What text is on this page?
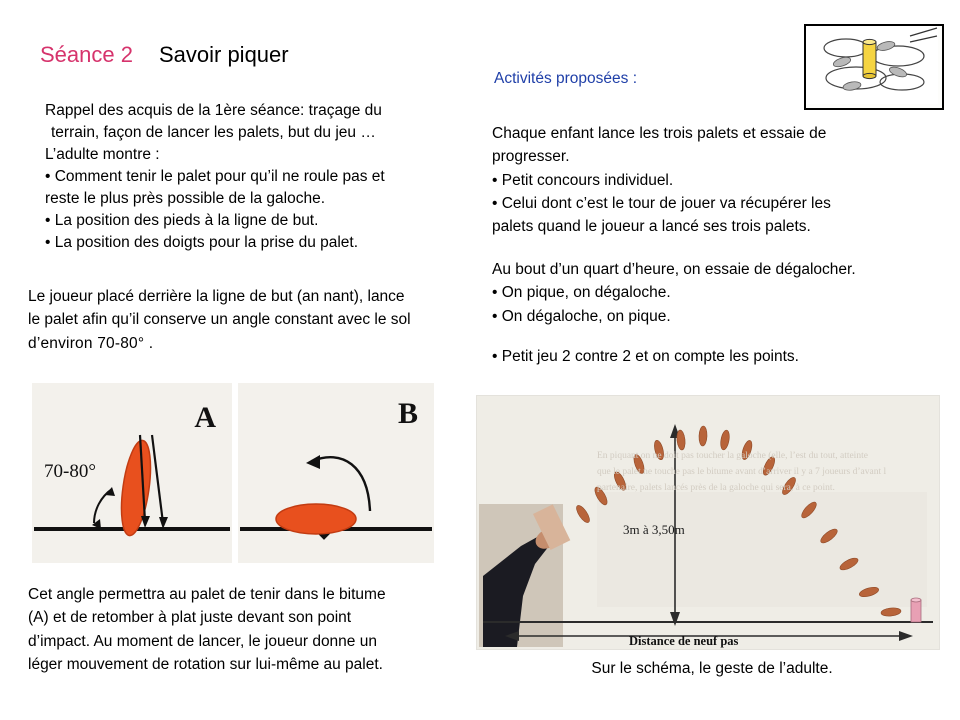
Séance 2 Savoir piquer
Rappel des acquis de la 1ère séance: traçage du
terrain, façon de lancer les palets, but du jeu …
L’adulte montre :
• Comment tenir le palet pour qu’il ne roule pas et
reste le plus près possible de la galoche.
• La position des pieds à la ligne de but.
• La position des doigts pour la prise du palet.
Le joueur placé derrière la ligne de but (an nant), lance
le palet afin qu’il conserve un angle constant avec le sol
d’environ 70-80° .
70-80°
A	B
Cet angle permettra au palet de tenir dans le bitume
(A) et de retomber à plat juste devant son point
d’impact. Au moment de lancer, le joueur donne un
léger mouvement de rotation sur lui-même au palet.
Activités proposées :
Chaque enfant lance les trois palets et essaie de
progresser.
• Petit concours individuel.
• Celui dont c’est le tour de jouer va récupérer les
palets quand le joueur a lancé ses trois palets.
Au bout d’un quart d’heure, on essaie de dégalocher.
• On pique, on dégaloche.
• On dégaloche, on pique.
• Petit jeu 2 contre 2 et on compte les points.
3m à 3,50m
Distance de neuf pas
En piquant on ne doit pas toucher la galoche (elle, l’est du tout, atteinte
que le palet ne touche pas le bitume avant d’arriver il y a 7 joueurs d’avant l
partenaire, palets lancés près de la galoche qui sera, à ce point.
Sur le schéma, le geste de l’adulte.
